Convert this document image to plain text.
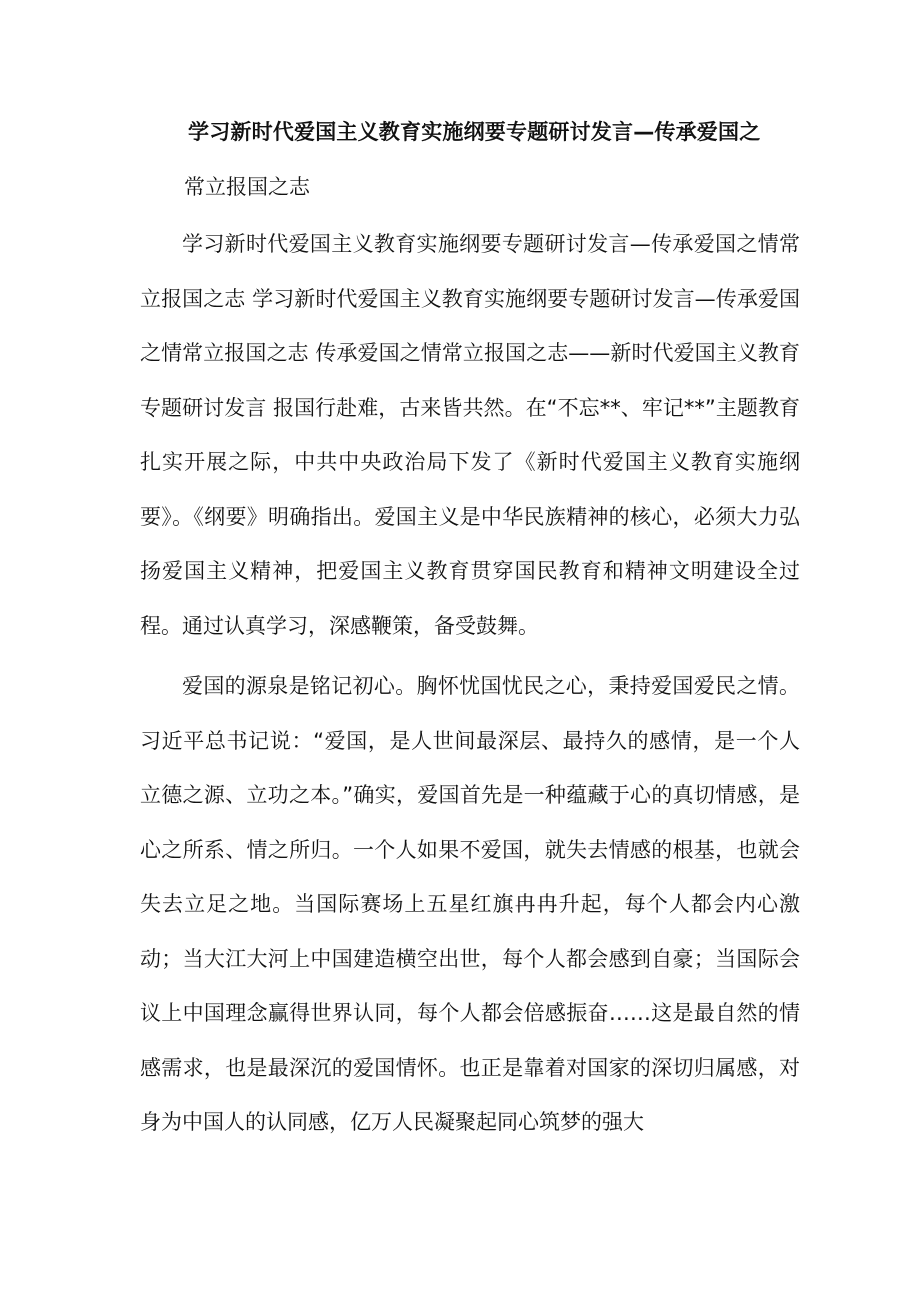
学习新时代爱国主义教育实施纲要专题研讨发言—传承爱国之
常立报国之志

学习新时代爱国主义教育实施纲要专题研讨发言—传承爱国之情常立报国之志 学习新时代爱国主义教育实施纲要专题研讨发言—传承爱国之情常立报国之志 传承爱国之情常立报国之志——新时代爱国主义教育专题研讨发言 报国行赴难，古来皆共然。在“不忘**、牢记**”主题教育扎实开展之际，中共中央政治局下发了《新时代爱国主义教育实施纲要》。《纲要》明确指出。爱国主义是中华民族精神的核心，必须大力弘扬爱国主义精神，把爱国主义教育贯穿国民教育和精神文明建设全过程。通过认真学习，深感鞭策，备受鼓舞。

爱国的源泉是铭记初心。胸怀忧国忧民之心，秉持爱国爱民之情。习近平总书记说：“爱国，是人世间最深层、最持久的感情，是一个人立德之源、立功之本。”确实，爱国首先是一种蕴藏于心的真切情感，是心之所系、情之所归。一个人如果不爱国，就失去情感的根基，也就会失去立足之地。当国际赛场上五星红旗冉冉升起，每个人都会内心激动；当大江大河上中国建造横空出世，每个人都会感到自豪；当国际会议上中国理念赢得世界认同，每个人都会倍感振奋……这是最自然的情感需求，也是最深沉的爱国情怀。也正是靠着对国家的深切归属感，对身为中国人的认同感，亿万人民凝聚起同心筑梦的强大
